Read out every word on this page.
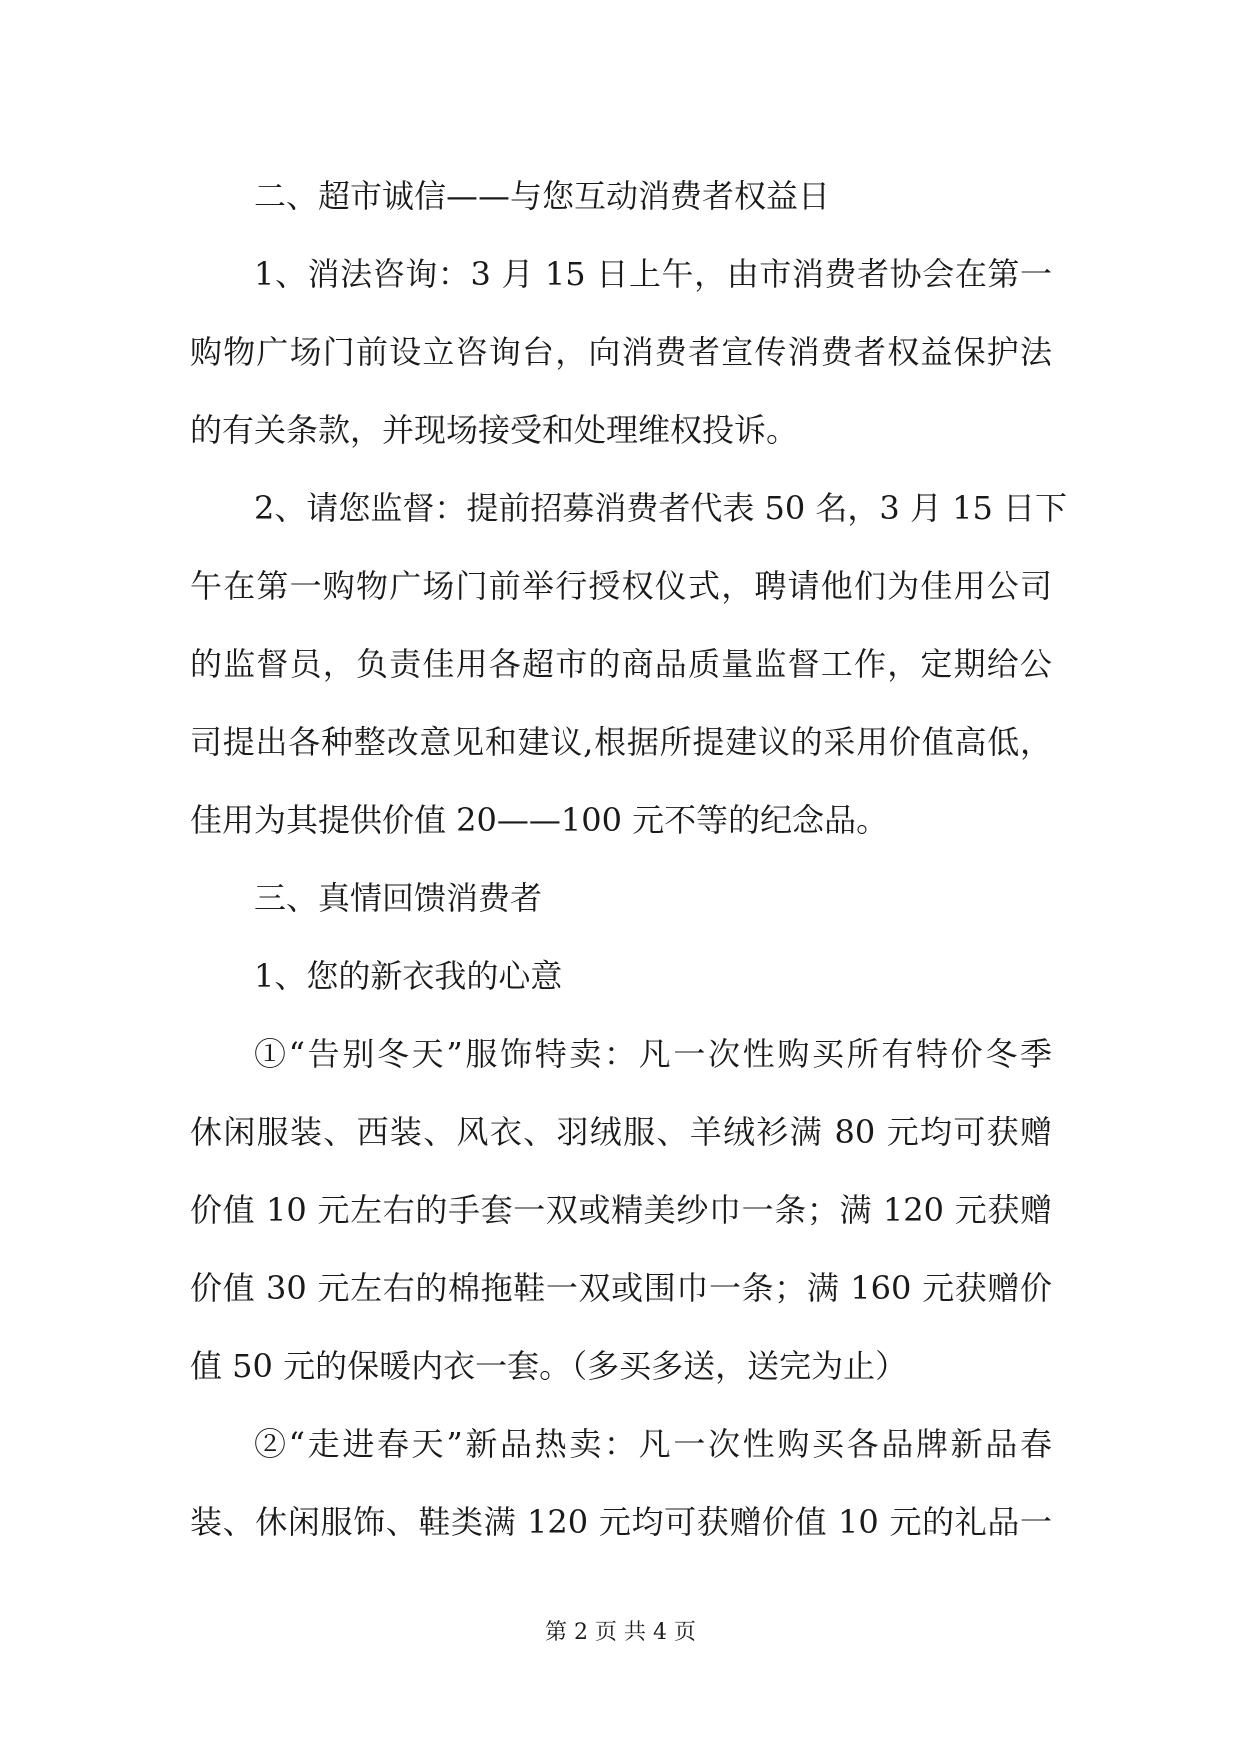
二、超市诚信——与您互动消费者权益日
1、消法咨询：3 月 15 日上午，由市消费者协会在第一
购物广场门前设立咨询台，向消费者宣传消费者权益保护法
的有关条款，并现场接受和处理维权投诉。
2、请您监督：提前招募消费者代表 50 名，3 月 15 日下
午在第一购物广场门前举行授权仪式，聘请他们为佳用公司
的监督员，负责佳用各超市的商品质量监督工作，定期给公
司提出各种整改意见和建议,根据所提建议的采用价值高低，
佳用为其提供价值 20——100 元不等的纪念品。
三、真情回馈消费者
1、您的新衣我的心意
①“告别冬天”服饰特卖：凡一次性购买所有特价冬季
休闲服装、西装、风衣、羽绒服、羊绒衫满 80 元均可获赠
价值 10 元左右的手套一双或精美纱巾一条；满 120 元获赠
价值 30 元左右的棉拖鞋一双或围巾一条；满 160 元获赠价
值 50 元的保暖内衣一套。（多买多送，送完为止）
②“走进春天”新品热卖：凡一次性购买各品牌新品春
装、休闲服饰、鞋类满 120 元均可获赠价值 10 元的礼品一
第 2 页 共 4 页
